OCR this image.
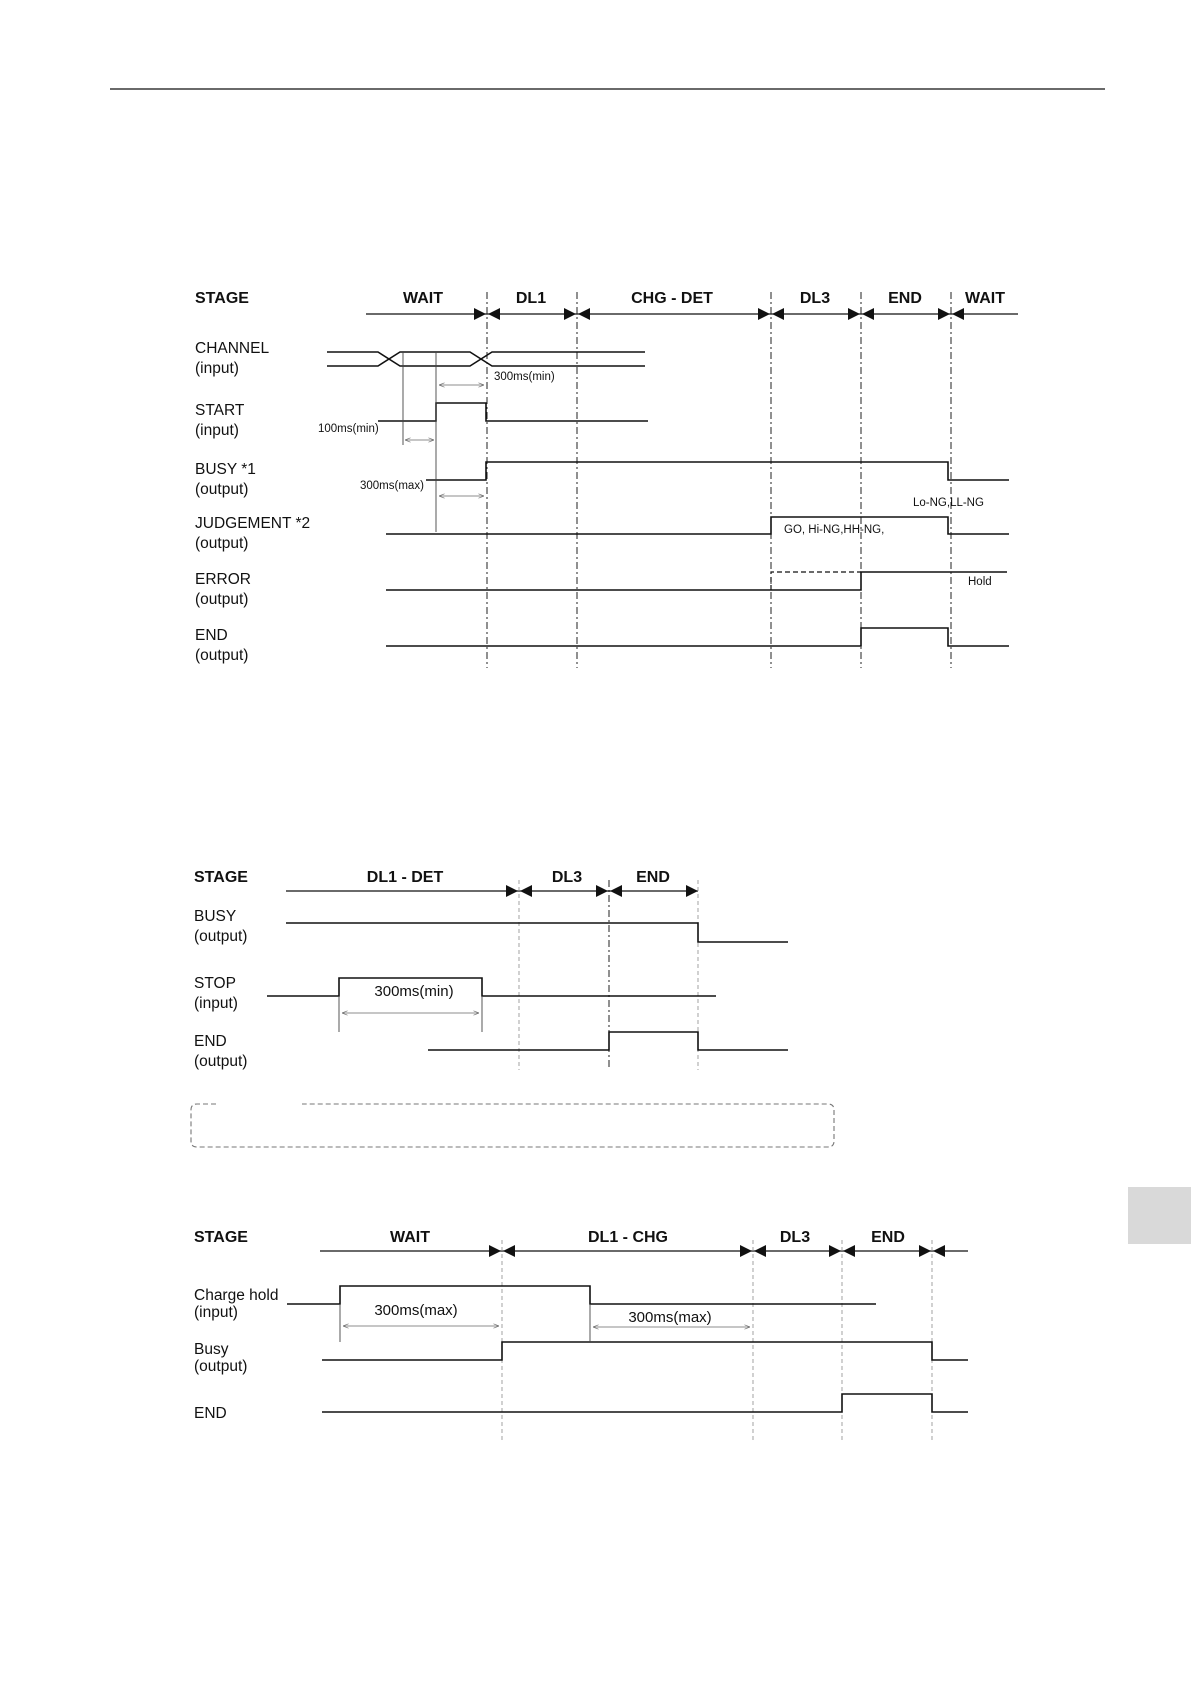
STAGE	WAIT	DL1	CHG - DET	DL3	END	WAIT
CHANNEL
(input)
START
(input)
BUSY *1
(output)
JUDGEMENT *2
(output)
ERROR
(output)
END
(output)
300ms(min)
100ms(min)
300ms(max)
Lo-NG,LL-NG
GO, Hi-NG,HH-NG,
Hold
STAGE	DL1 - DET	DL3	END
BUSY
(output)
STOP
(input)
END
(output)
300ms(min)
STAGE	WAIT	DL1 - CHG	DL3	END
Charge hold
(input)
Busy
(output)
END
300ms(max)	300ms(max)
